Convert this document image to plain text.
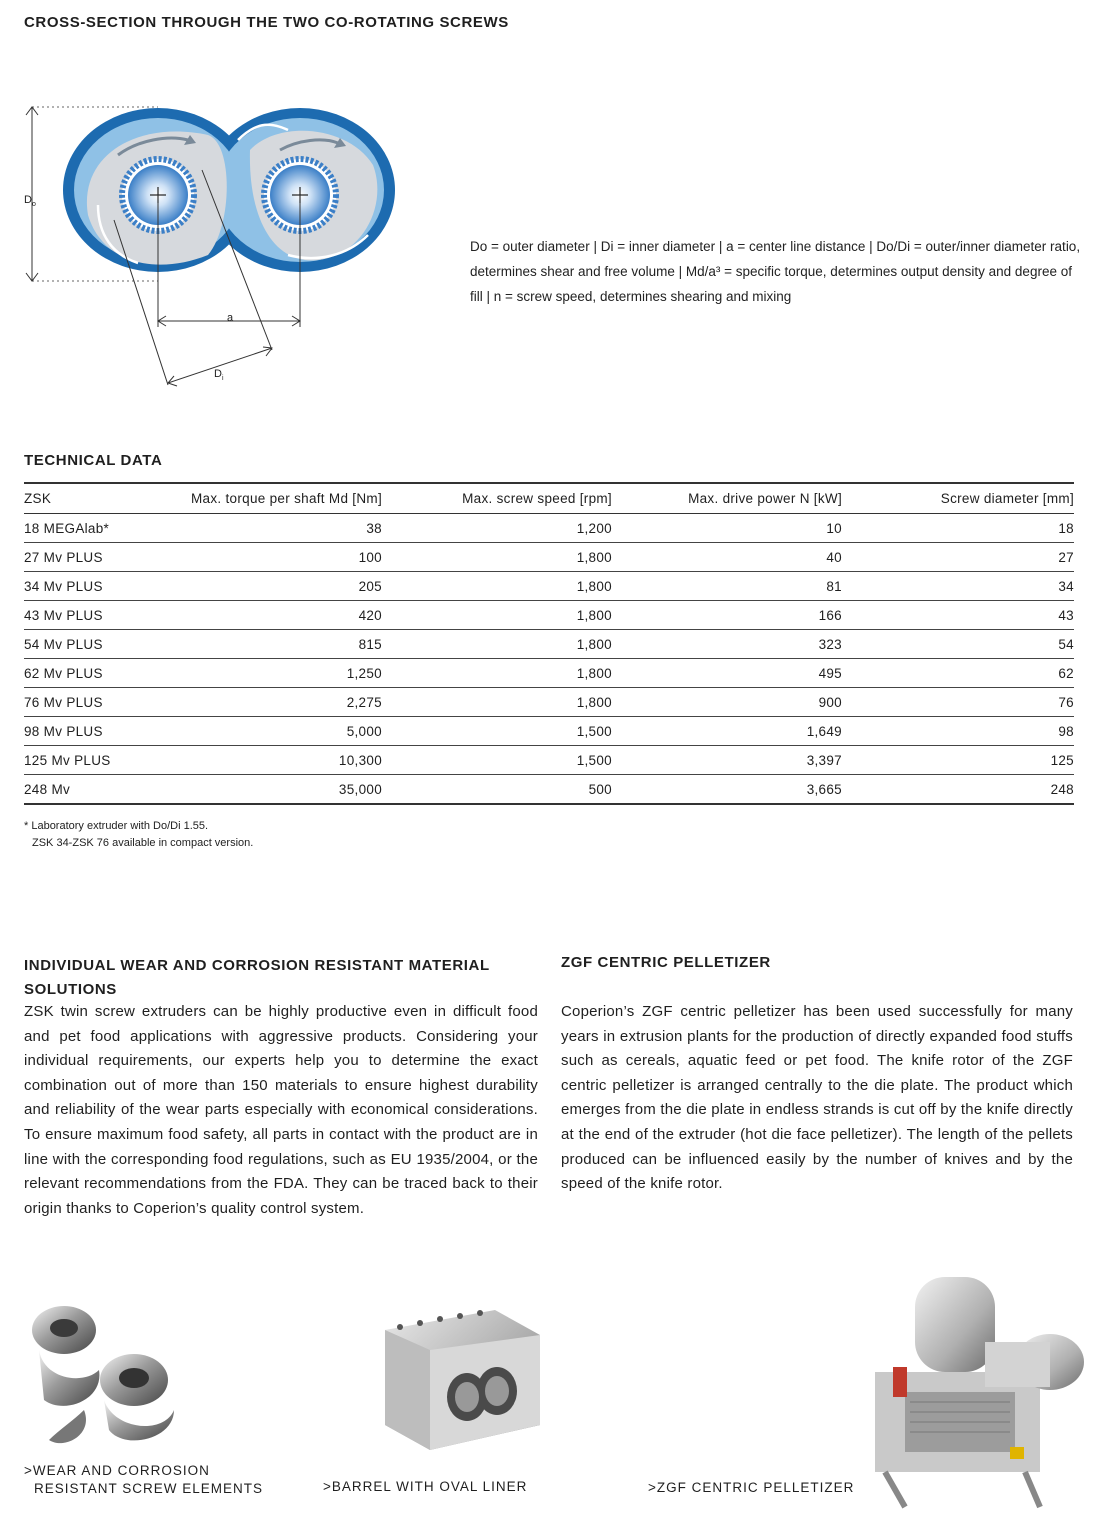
CROSS-SECTION THROUGH THE TWO CO-ROTATING SCREWS
D o
a
D i
Do = outer diameter | Di = inner diameter | a = center line distance | Do/Di = outer/inner diameter ratio, determines shear and free volume | Md/a³ = specific torque, determines output density and degree of fill | n = screw speed, determines shearing and mixing
TECHNICAL DATA
ZSK	Max. torque per shaft Md [Nm]	Max. screw speed [rpm]	Max. drive power N [kW]	Screw diameter [mm]
18 MEGAlab*	38	1,200	10	18
27 Mv PLUS	100	1,800	40	27
34 Mv PLUS	205	1,800	81	34
43 Mv PLUS	420	1,800	166	43
54 Mv PLUS	815	1,800	323	54
62 Mv PLUS	1,250	1,800	495	62
76 Mv PLUS	2,275	1,800	900	76
98 Mv PLUS	5,000	1,500	1,649	98
125 Mv PLUS	10,300	1,500	3,397	125
248 Mv	35,000	500	3,665	248
* Laboratory extruder with Do/Di 1.55.
ZSK 34-ZSK 76 available in compact version.
INDIVIDUAL WEAR AND CORROSION RESISTANT MATERIAL SOLUTIONS
ZSK twin screw extruders can be highly productive even in difficult food and pet food applications with aggressive products. Considering your individual requirements, our experts help you to determine the exact combination out of more than 150 materials to ensure highest durability and reliability of the wear parts especially with economical considerations. To ensure maximum food safety, all parts in contact with the product are in line with the corresponding food regulations, such as EU 1935/2004, or the relevant recommendations from the FDA. They can be traced back to their origin thanks to Coperion’s quality control system.
ZGF CENTRIC PELLETIZER
Coperion’s ZGF centric pelletizer has been used successfully for many years in extrusion plants for the production of directly expanded food stuffs such as cereals, aquatic feed or pet food. The knife rotor of the ZGF centric pelletizer is arranged centrally to the die plate. The product which emerges from the die plate in endless strands is cut off by the knife directly at the end of the extruder (hot die face pelletizer). The length of the pellets produced can be influenced easily by the number of knives and by the speed of the knife rotor.
>WEAR AND CORROSION
RESISTANT SCREW ELEMENTS	>BARREL WITH OVAL LINER	>ZGF CENTRIC PELLETIZER
